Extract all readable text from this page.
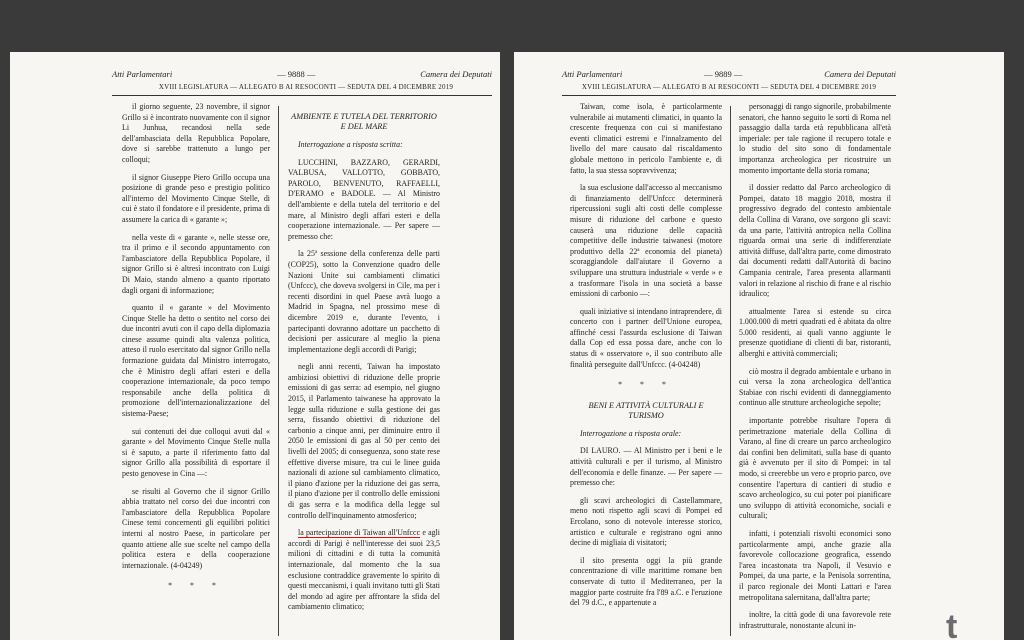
Atti Parlamentari	— 9888 —	Camera dei Deputati
XVIII LEGISLATURA — ALLEGATO B AI RESOCONTI — SEDUTA DEL 4 DICEMBRE 2019

il giorno seguente, 23 novembre, il signor Grillo si è incontrato nuovamente con il signor Li Junhua, recandosi nella sede dell'ambasciata della Repubblica Popolare, dove si sarebbe trattenuto a lungo per colloqui;

il signor Giuseppe Piero Grillo occupa una posizione di grande peso e prestigio politico all'interno del Movimento Cinque Stelle, di cui è stato il fondatore e il presidente, prima di assumere la carica di « garante »;

nella veste di « garante », nelle stesse ore, tra il primo e il secondo appuntamento con l'ambasciatore della Repubblica Popolare, il signor Grillo si è altresì incontrato con Luigi Di Maio, stando almeno a quanto riportato dagli organi di informazione;

quanto il « garante » del Movimento Cinque Stelle ha detto o sentito nel corso dei due incontri avuti con il capo della diplomazia cinese assume quindi alta valenza politica, atteso il ruolo esercitato dal signor Grillo nella formazione guidata dal Ministro interrogato, che è Ministro degli affari esteri e della cooperazione internazionale, da poco tempo responsabile anche della politica di promozione dell'internazionalizzazione del sistema-Paese;

sui contenuti dei due colloqui avuti dal « garante » del Movimento Cinque Stelle nulla si è saputo, a parte il riferimento fatto dal signor Grillo alla possibilità di esportare il pesto genovese in Cina —:

se risulti al Governo che il signor Grillo abbia trattato nel corso dei due incontri con l'ambasciatore della Repubblica Popolare Cinese temi concernenti gli equilibri politici interni al nostro Paese, in particolare per quanto attiene alle sue scelte nel campo della politica estera e della cooperazione internazionale. (4-04249)

* * *
AMBIENTE E TUTELA DEL TERRITORIO E DEL MARE
Interrogazione a risposta scritta:

LUCCHINI, BAZZARO, GERARDI, VALBUSA, VALLOTTO, GOBBATO, PAROLO, BENVENUTO, RAFFAELLI, D'ERAMO e BADOLE. — Al Ministro dell'ambiente e della tutela del territorio e del mare, al Ministro degli affari esteri e della cooperazione internazionale. — Per sapere — premesso che:

la 25ª sessione della conferenza delle parti (COP25), sotto la Convenzione quadro delle Nazioni Unite sui cambiamenti climatici (Unfccc), che doveva svolgersi in Cile, ma per i recenti disordini in quel Paese avrà luogo a Madrid in Spagna, nel prossimo mese di dicembre 2019 e, durante l'evento, i partecipanti dovranno adottare un pacchetto di decisioni per assicurare al meglio la piena implementazione degli accordi di Parigi;

negli anni recenti, Taiwan ha impostato ambiziosi obiettivi di riduzione delle proprie emissioni di gas serra: ad esempio, nel giugno 2015, il Parlamento taiwanese ha approvato la legge sulla riduzione e sulla gestione dei gas serra, fissando obiettivi di riduzione del carbonio a cinque anni, per diminuire entro il 2050 le emissioni di gas al 50 per cento dei livelli del 2005; di conseguenza, sono state rese effettive diverse misure, tra cui le linee guida nazionali di azione sul cambiamento climatico, il piano d'azione per la riduzione dei gas serra, il piano d'azione per il controllo delle emissioni di gas serra e la modifica della legge sul controllo dell'inquinamento atmosferico;

la partecipazione di Taiwan all'Unfccc e agli accordi di Parigi è nell'interesse dei suoi 23,5 milioni di cittadini e di tutta la comunità internazionale, dal momento che la sua esclusione contraddice gravemente lo spirito di questi meccanismi, i quali invitano tutti gli Stati del mondo ad agire per affrontare la sfida del cambiamento climatico;

Atti Parlamentari	— 9889 —	Camera dei Deputati
XVIII LEGISLATURA — ALLEGATO B AI RESOCONTI — SEDUTA DEL 4 DICEMBRE 2019

Taiwan, come isola, è particolarmente vulnerabile ai mutamenti climatici, in quanto la crescente frequenza con cui si manifestano eventi climatici estremi e l'innalzamento del livello del mare causato dal riscaldamento globale mettono in pericolo l'ambiente e, di fatto, la sua stessa sopravvivenza;

la sua esclusione dall'accesso al meccanismo di finanziamento dell'Unfccc determinerà ripercussioni sugli alti costi delle complesse misure di riduzione del carbone e questo causerà una riduzione delle capacità competitive delle industrie taiwanesi (motore produttivo della 22ª economia del pianeta) scoraggiandole dall'aiutare il Governo a sviluppare una struttura industriale « verde » e a trasformare l'isola in una società a basse emissioni di carbonio —:

quali iniziative si intendano intraprendere, di concerto con i partner dell'Unione europea, affinché cessi l'assurda esclusione di Taiwan dalla Cop ed essa possa dare, anche con lo status di « osservatore », il suo contributo alle finalità perseguite dall'Unfccc. (4-04248)

* * *
BENI E ATTIVITÀ CULTURALI E TURISMO
Interrogazione a risposta orale:

DI LAURO. — Al Ministro per i beni e le attività culturali e per il turismo, al Ministro dell'economia e delle finanze. — Per sapere — premesso che:

gli scavi archeologici di Castellammare, meno noti rispetto agli scavi di Pompei ed Ercolano, sono di notevole interesse storico, artistico e culturale e registrano ogni anno decine di migliaia di visitatori;

il sito presenta oggi la più grande concentrazione di ville marittime romane ben conservate di tutto il Mediterraneo, per la maggior parte costruite fra l'89 a.C. e l'eruzione del 79 d.C., e appartenute a

personaggi di rango signorile, probabilmente senatori, che hanno seguito le sorti di Roma nel passaggio dalla tarda età repubblicana all'età imperiale: per tale ragione il recupero totale e lo studio del sito sono di fondamentale importanza archeologica per ricostruire un momento importante della storia romana;

il dossier redatto dal Parco archeologico di Pompei, datato 18 maggio 2018, mostra il progressivo degrado del contesto ambientale della Collina di Varano, ove sorgono gli scavi: da una parte, l'attività antropica nella Collina riguarda ormai una serie di indifferenziate attività diffuse, dall'altra parte, come dimostrato dai documenti redatti dall'Autorità di bacino Campania centrale, l'area presenta allarmanti valori in relazione al rischio di frane e al rischio idraulico;

attualmente l'area si estende su circa 1.000.000 di metri quadrati ed è abitata da oltre 5.000 residenti, ai quali vanno aggiunte le presenze quotidiane di clienti di bar, ristoranti, alberghi e attività commerciali;

ciò mostra il degrado ambientale e urbano in cui versa la zona archeologica dell'antica Stabiae con rischi evidenti di danneggiamento continuo alle strutture archeologiche sepolte;

importante potrebbe risultare l'opera di perimetrazione materiale della Collina di Varano, al fine di creare un parco archeologico dai confini ben delimitati, sulla base di quanto già è avvenuto per il sito di Pompei: in tal modo, si creerebbe un vero e proprio parco, ove consentire l'apertura di cantieri di studio e scavo archeologico, su cui poter poi pianificare uno sviluppo di attività economiche, sociali e culturali;

infatti, i potenziali risvolti economici sono particolarmente ampi, anche grazie alla favorevole collocazione geografica, essendo l'area incastonata tra Napoli, il Vesuvio e Pompei, da una parte, e la Penisola sorrentina, il parco regionale dei Monti Lattari e l'area metropolitana salernitana, dall'altra parte;

inoltre, la città gode di una favorevole rete infrastrutturale, nonostante alcuni in-	t
